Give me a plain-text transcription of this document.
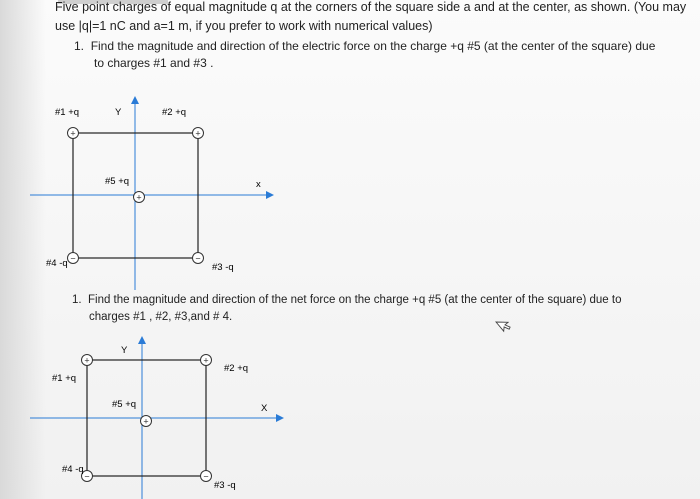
Five point charges of equal magnitude q at the corners of the square side a and at the center, as shown. (You may
use |q|=1 nC and a=1 m, if you prefer to work with numerical values)
1. Find the magnitude and direction of the electric force on the charge +q #5 (at the center of the square) due
to charges #1 and #3 .
1. Find the magnitude and direction of the net force on the charge +q #5 (at the center of the square) due to
charges #1 , #2, #3,and # 4.
+	+
−
−
+
#1 +q	#2 +q
#3 -q
#4 -q
#5 +q
Y
x
+	+
−
−
+
#1 +q
#2 +q
#3 -q
#4 -q
#5 +q
Y
X
